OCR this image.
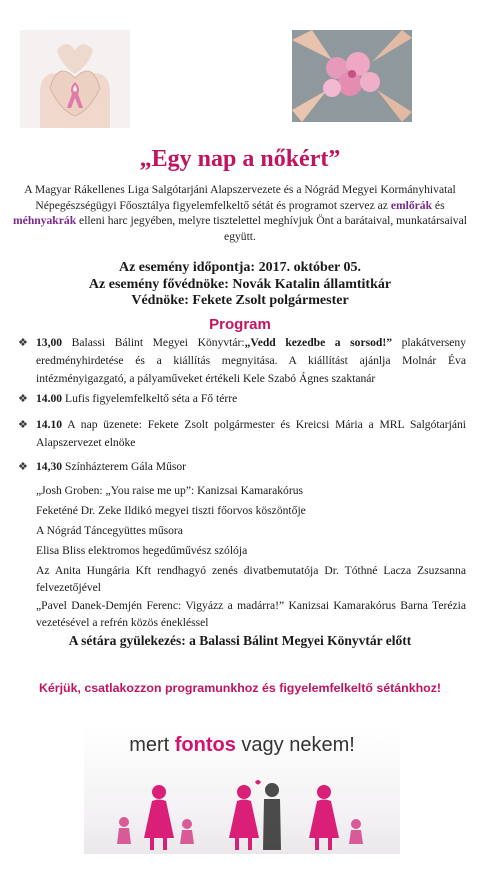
„Egy nap a nőkért”
A Magyar Rákellenes Liga Salgótarjáni Alapszervezete és a Nógrád Megyei Kormányhivatal Népegészségügyi Főosztálya figyelemfelkeltő sétát és programot szervez az emlőrák és méhnyakrák elleni harc jegyében, melyre tisztelettel meghívjuk Önt a barátaival, munkatársaival együtt.
Az esemény időpontja: 2017. október 05.
Az esemény fővédnöke: Novák Katalin államtitkár
Védnöke: Fekete Zsolt polgármester
Program
❖ 13,00 Balassi Bálint Megyei Könyvtár:„Vedd kezedbe a sorsod!” plakátverseny eredményhirdetése és a kiállítás megnyitása. A kiállítást ajánlja Molnár Éva intézményigazgató, a pályaműveket értékeli Kele Szabó Ágnes szaktanár
❖ 14.00 Lufis figyelemfelkeltő séta a Fő térre
❖ 14.10 A nap üzenete: Fekete Zsolt polgármester és Kreicsi Mária a MRL Salgótarjáni Alapszervezet elnöke
❖ 14,30 Színházterem Gála Műsor
„Josh Groben: „You raise me up”: Kanizsai Kamarakórus
Feketéné Dr. Zeke Ildikó megyei tiszti főorvos köszöntője
A Nógrád Táncegyüttes műsora
Elisa Bliss elektromos hegedűművész szólója
Az Anita Hungária Kft rendhagyó zenés divatbemutatója Dr. Tóthné Lacza Zsuzsanna felvezetőjével
„Pavel Danek-Demjén Ferenc: Vigyázz a madárra!” Kanizsai Kamarakórus Barna Terézia vezetésével a refrén közös énekléssel
A sétára gyülekezés: a Balassi Bálint Megyei Könyvtár előtt
Kérjük, csatlakozzon programunkhoz és figyelemfelkeltő sétánkhoz!
mert fontos vagy nekem!
